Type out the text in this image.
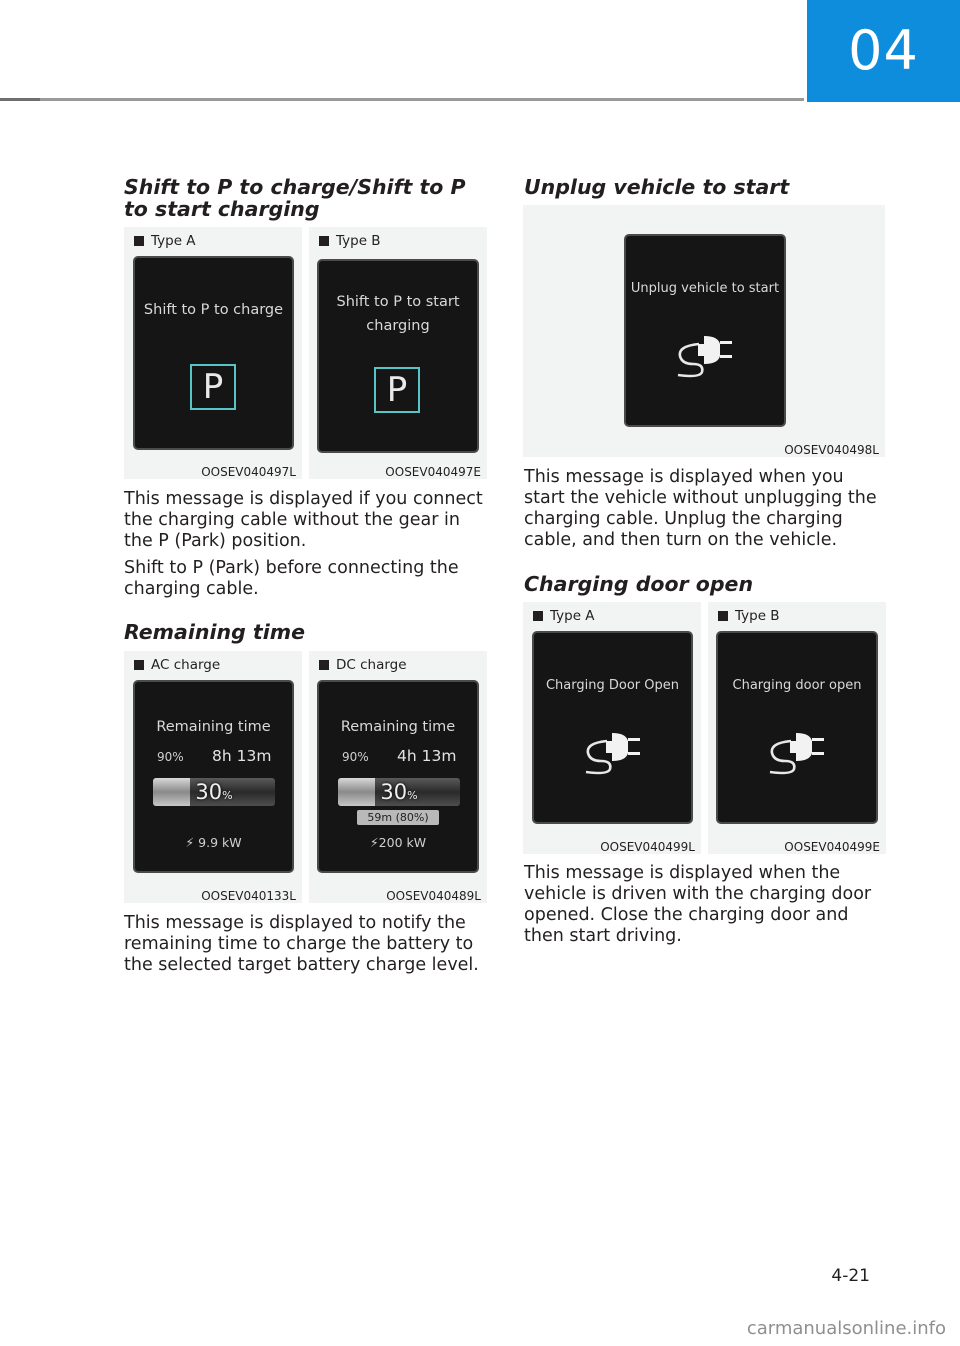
04
Shift to P to charge/Shift to P to start charging
Type A
Shift to P to charge
P
OOSEV040497L
Type B
Shift to P to start
charging
P
OOSEV040497E

This message is displayed if you connect the charging cable without the gear in the P (Park) position.

Shift to P (Park) before connecting the charging cable.

Remaining time
AC charge
Remaining time
90% 8h 13m
30%
⚡ 9.9 kW
OOSEV040133L
DC charge
Remaining time
90% 4h 13m
30%
59m (80%)
⚡200 kW
OOSEV040489L

This message is displayed to notify the remaining time to charge the battery to the selected target battery charge level.

Unplug vehicle to start
Unplug vehicle to start
OOSEV040498L

This message is displayed when you start the vehicle without unplugging the charging cable. Unplug the charging cable, and then turn on the vehicle.

Charging door open
Type A
Charging Door Open
OOSEV040499L
Type B
Charging door open
OOSEV040499E

This message is displayed when the vehicle is driven with the charging door opened. Close the charging door and then start driving.

4-21
carmanualsonline.info
